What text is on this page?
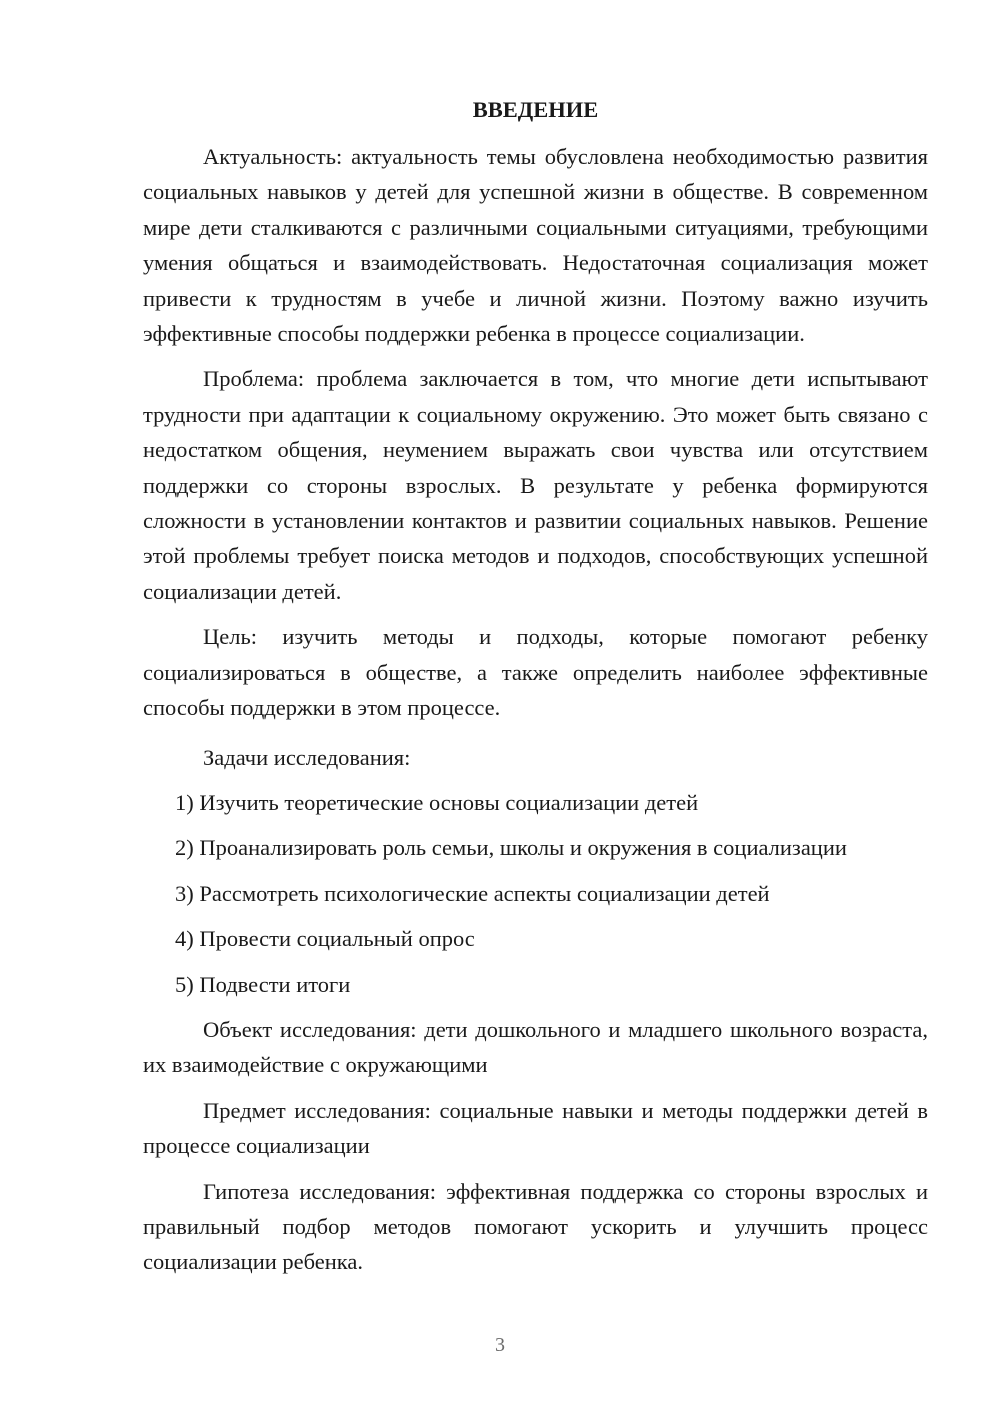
ВВЕДЕНИЕ

Актуальность: актуальность темы обусловлена необходимостью развития социальных навыков у детей для успешной жизни в обществе. В современном мире дети сталкиваются с различными социальными ситуациями, требующими умения общаться и взаимодействовать. Недостаточная социализация может привести к трудностям в учебе и личной жизни. Поэтому важно изучить эффективные способы поддержки ребенка в процессе социализации.

Проблема: проблема заключается в том, что многие дети испытывают трудности при адаптации к социальному окружению. Это может быть связано с недостатком общения, неумением выражать свои чувства или отсутствием поддержки со стороны взрослых. В результате у ребенка формируются сложности в установлении контактов и развитии социальных навыков. Решение этой проблемы требует поиска методов и подходов, способствующих успешной социализации детей.

Цель: изучить методы и подходы, которые помогают ребенку социализироваться в обществе, а также определить наиболее эффективные способы поддержки в этом процессе.

Задачи исследования:

1) Изучить теоретические основы социализации детей
2) Проанализировать роль семьи, школы и окружения в социализации
3) Рассмотреть психологические аспекты социализации детей
4) Провести социальный опрос
5) Подвести итоги

Объект исследования: дети дошкольного и младшего школьного возраста, их взаимодействие с окружающими

Предмет исследования: социальные навыки и методы поддержки детей в процессе социализации

Гипотеза исследования: эффективная поддержка со стороны взрослых и правильный подбор методов помогают ускорить и улучшить процесс социализации ребенка.

3
